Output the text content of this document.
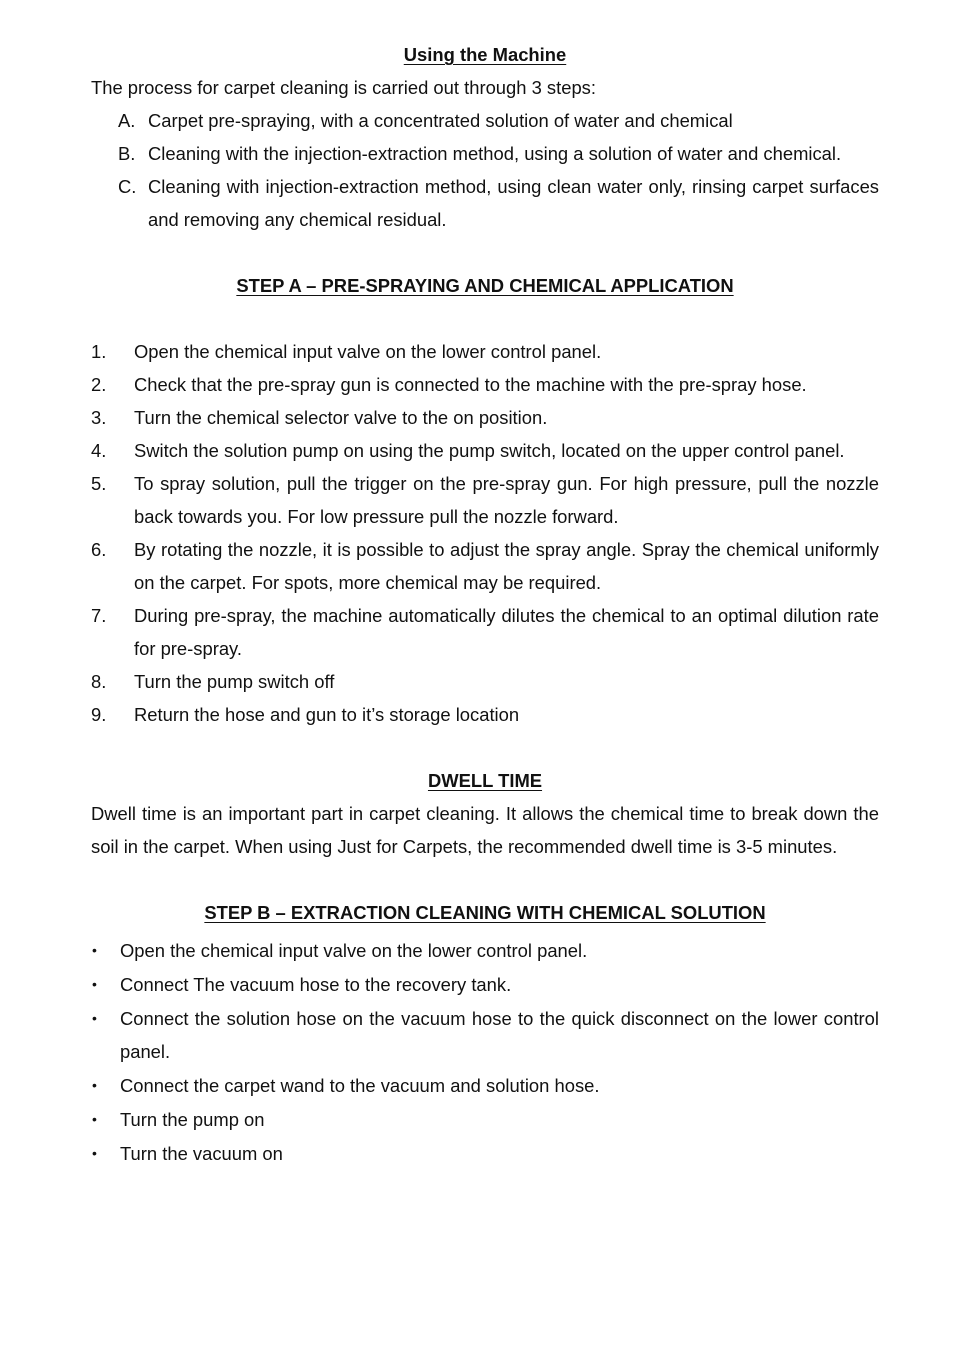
Using the Machine

The process for carpet cleaning is carried out through 3 steps:

A. Carpet pre-spraying, with a concentrated solution of water and chemical
B. Cleaning with the injection-extraction method, using a solution of water and chemical.
C. Cleaning with injection-extraction method, using clean water only, rinsing carpet surfaces and removing any chemical residual.

STEP A – PRE-SPRAYING AND CHEMICAL APPLICATION

1.	Open the chemical input valve on the lower control panel.
2.	Check that the pre-spray gun is connected to the machine with the pre-spray hose.
3.	Turn the chemical selector valve to the on position.
4.	Switch the solution pump on using the pump switch, located on the upper control panel.
5.	To spray solution, pull the trigger on the pre-spray gun. For high pressure, pull the nozzle back towards you. For low pressure pull the nozzle forward.
6.	By rotating the nozzle, it is possible to adjust the spray angle. Spray the chemical uniformly on the carpet. For spots, more chemical may be required.
7.	During pre-spray, the machine automatically dilutes the chemical to an optimal dilution rate for pre-spray.
8.	Turn the pump switch off
9.	Return the hose and gun to it’s storage location

DWELL TIME

Dwell time is an important part in carpet cleaning. It allows the chemical time to break down the soil in the carpet. When using Just for Carpets, the recommended dwell time is 3-5 minutes.

STEP B – EXTRACTION CLEANING WITH CHEMICAL SOLUTION

•	Open the chemical input valve on the lower control panel.
•	Connect The vacuum hose to the recovery tank.
•	Connect the solution hose on the vacuum hose to the quick disconnect on the lower control panel.
•	Connect the carpet wand to the vacuum and solution hose.
•	Turn the pump on
•	Turn the vacuum on
